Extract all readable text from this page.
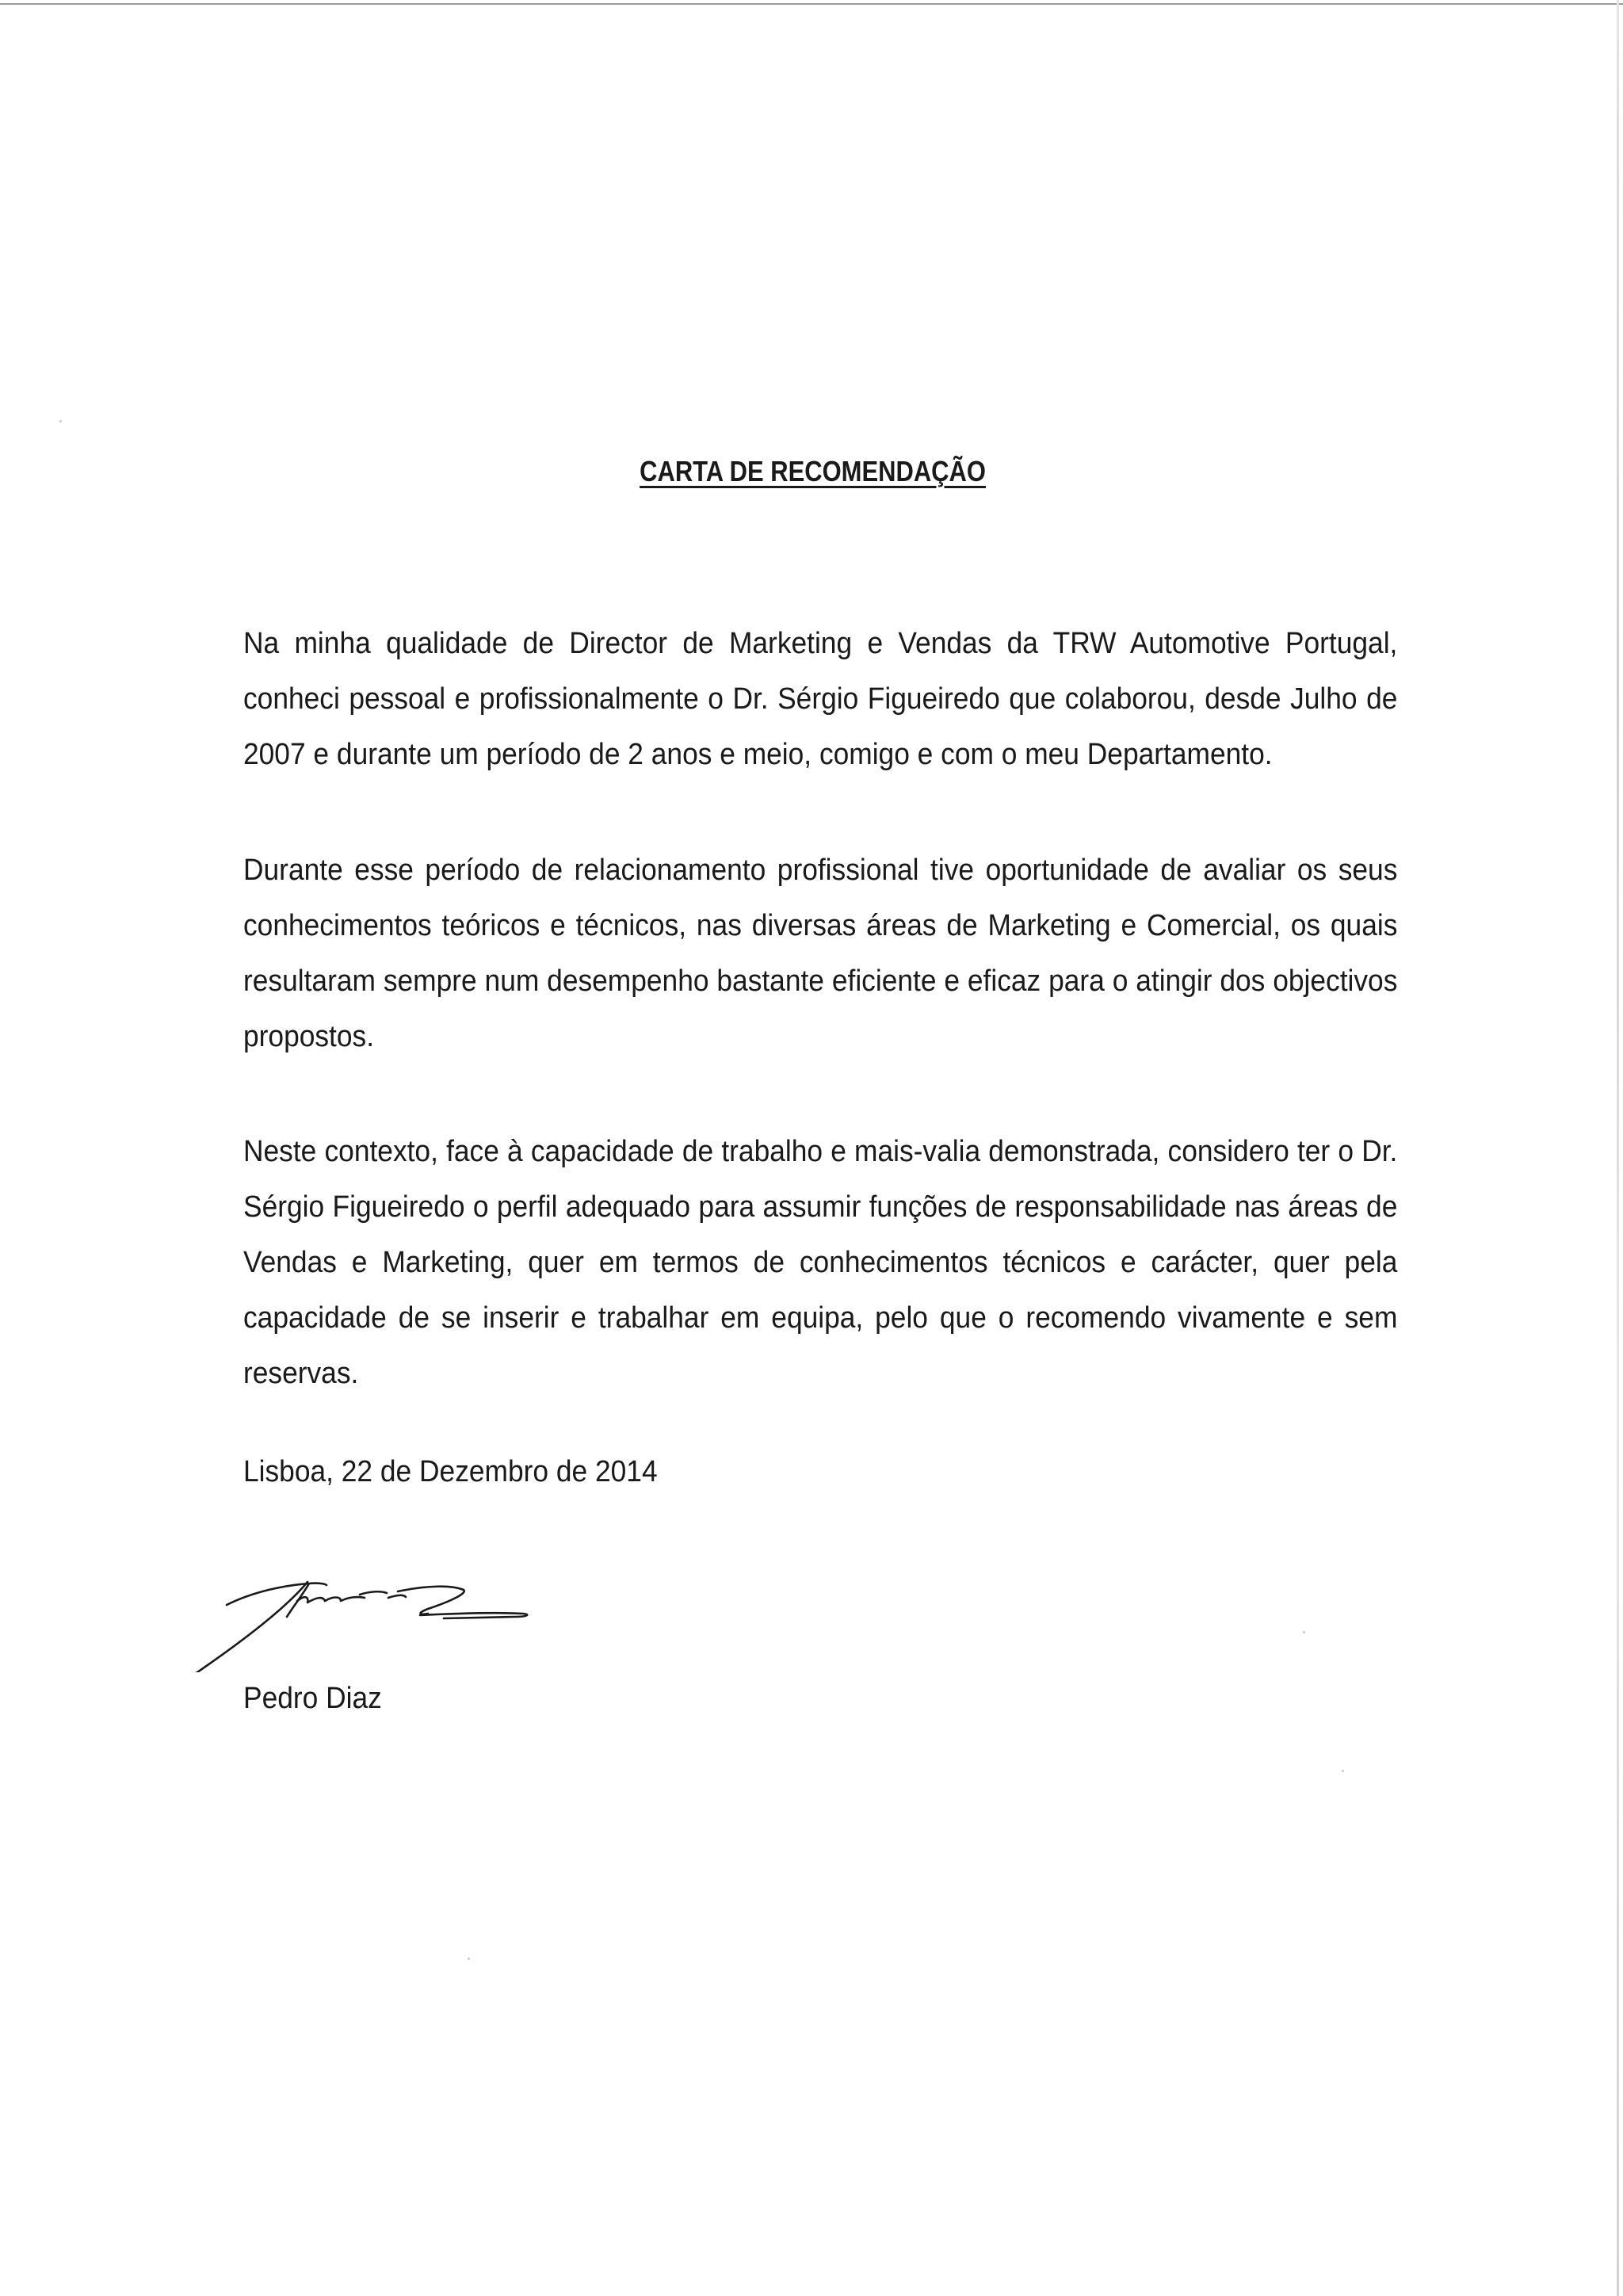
CARTA DE RECOMENDAÇÃO
Na minha qualidade de Director de Marketing e Vendas da TRW Automotive Portugal, conheci pessoal e profissionalmente o Dr. Sérgio Figueiredo que colaborou, desde Julho de 2007 e durante um período de 2 anos e meio, comigo e com o meu Departamento.
Durante esse período de relacionamento profissional tive oportunidade de avaliar os seus conhecimentos teóricos e técnicos, nas diversas áreas de Marketing e Comercial, os quais resultaram sempre num desempenho bastante eficiente e eficaz para o atingir dos objectivos propostos.
Neste contexto, face à capacidade de trabalho e mais-valia demonstrada, considero ter o Dr. Sérgio Figueiredo o perfil adequado para assumir funções de responsabilidade nas áreas de Vendas e Marketing, quer em termos de conhecimentos técnicos e carácter, quer pela capacidade de se inserir e trabalhar em equipa, pelo que o recomendo vivamente e sem reservas.
Lisboa, 22 de Dezembro de 2014
Pedro Diaz
